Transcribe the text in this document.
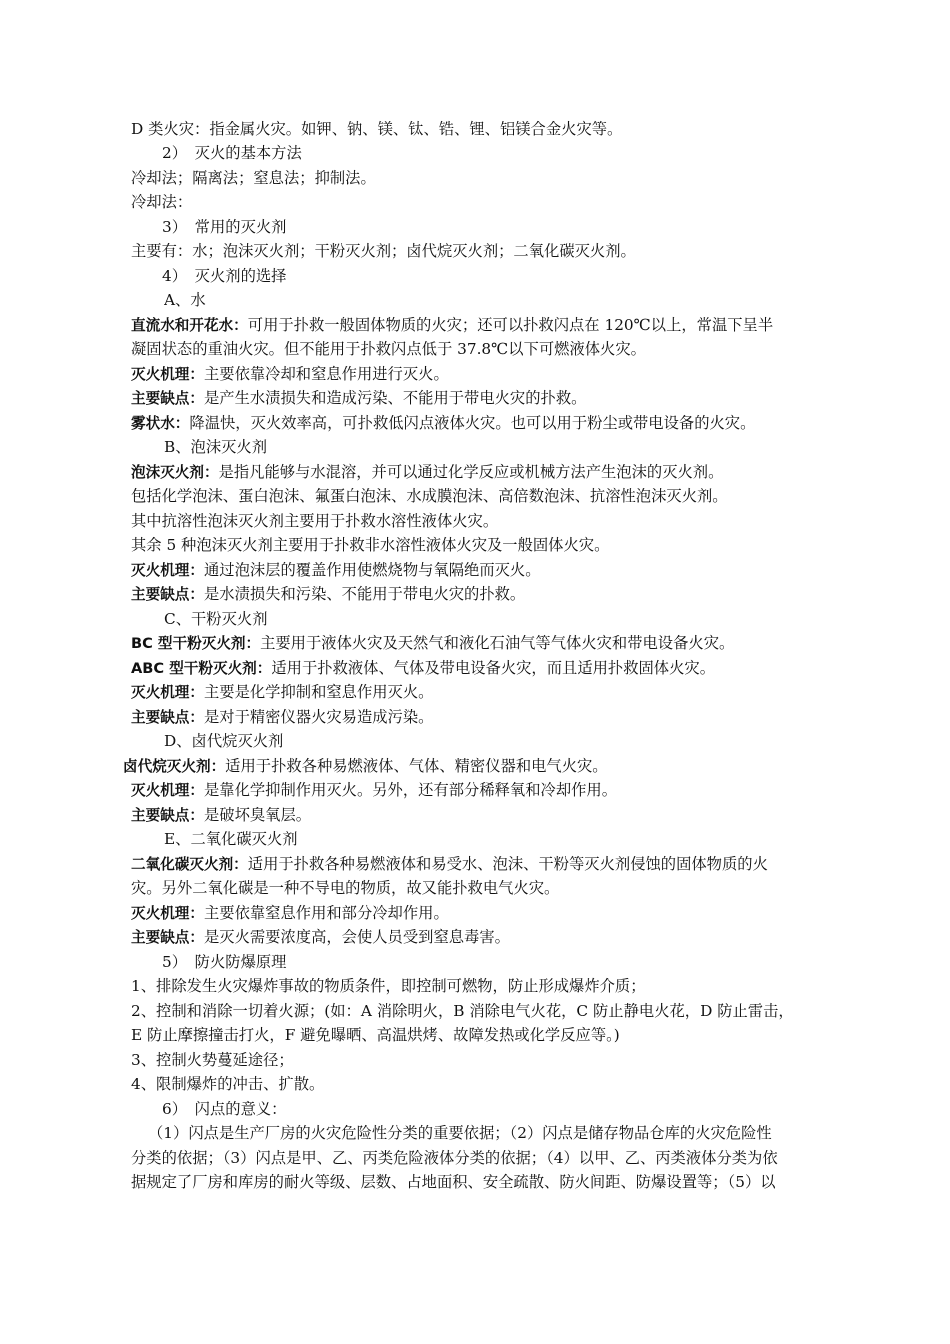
D 类火灾：指金属火灾。如钾、钠、镁、钛、锆、锂、铝镁合金火灾等。
2）　灭火的基本方法
冷却法；隔离法；窒息法；抑制法。
冷却法：
3）　常用的灭火剂
主要有：水；泡沫灭火剂；干粉灭火剂；卤代烷灭火剂；二氧化碳灭火剂。
4）　灭火剂的选择
A、水
直流水和开花水：可用于扑救一般固体物质的火灾；还可以扑救闪点在 120℃以上，常温下呈半
凝固状态的重油火灾。但不能用于扑救闪点低于 37.8℃以下可燃液体火灾。
灭火机理：主要依靠冷却和窒息作用进行灭火。
主要缺点：是产生水渍损失和造成污染、不能用于带电火灾的扑救。
雾状水：降温快，灭火效率高，可扑救低闪点液体火灾。也可以用于粉尘或带电设备的火灾。
B、泡沫灭火剂
泡沫灭火剂：是指凡能够与水混溶，并可以通过化学反应或机械方法产生泡沫的灭火剂。
包括化学泡沫、蛋白泡沫、氟蛋白泡沫、水成膜泡沫、高倍数泡沫、抗溶性泡沫灭火剂。
其中抗溶性泡沫灭火剂主要用于扑救水溶性液体火灾。
其余 5 种泡沫灭火剂主要用于扑救非水溶性液体火灾及一般固体火灾。
灭火机理：通过泡沫层的覆盖作用使燃烧物与氧隔绝而灭火。
主要缺点：是水渍损失和污染、不能用于带电火灾的扑救。
C、干粉灭火剂
BC 型干粉灭火剂：主要用于液体火灾及天然气和液化石油气等气体火灾和带电设备火灾。
ABC 型干粉灭火剂：适用于扑救液体、气体及带电设备火灾，而且适用扑救固体火灾。
灭火机理：主要是化学抑制和窒息作用灭火。
主要缺点：是对于精密仪器火灾易造成污染。
D、卤代烷灭火剂
卤代烷灭火剂：适用于扑救各种易燃液体、气体、精密仪器和电气火灾。
灭火机理：是靠化学抑制作用灭火。另外，还有部分稀释氧和冷却作用。
主要缺点：是破坏臭氧层。
E、二氧化碳灭火剂
二氧化碳灭火剂：适用于扑救各种易燃液体和易受水、泡沫、干粉等灭火剂侵蚀的固体物质的火
灾。另外二氧化碳是一种不导电的物质，故又能扑救电气火灾。
灭火机理：主要依靠窒息作用和部分冷却作用。
主要缺点：是灭火需要浓度高，会使人员受到窒息毒害。
5）　防火防爆原理
1、排除发生火灾爆炸事故的物质条件，即控制可燃物，防止形成爆炸介质；
2、控制和消除一切着火源；(如：A 消除明火，B 消除电气火花，C 防止静电火花，D 防止雷击，
E 防止摩擦撞击打火，F 避免曝晒、高温烘烤、故障发热或化学反应等。)
3、控制火势蔓延途径；
4、限制爆炸的冲击、扩散。
6）　闪点的意义：
（1）闪点是生产厂房的火灾危险性分类的重要依据；（2）闪点是储存物品仓库的火灾危险性
分类的依据；（3）闪点是甲、乙、丙类危险液体分类的依据；（4）以甲、乙、丙类液体分类为依
据规定了厂房和库房的耐火等级、层数、占地面积、安全疏散、防火间距、防爆设置等；（5）以
